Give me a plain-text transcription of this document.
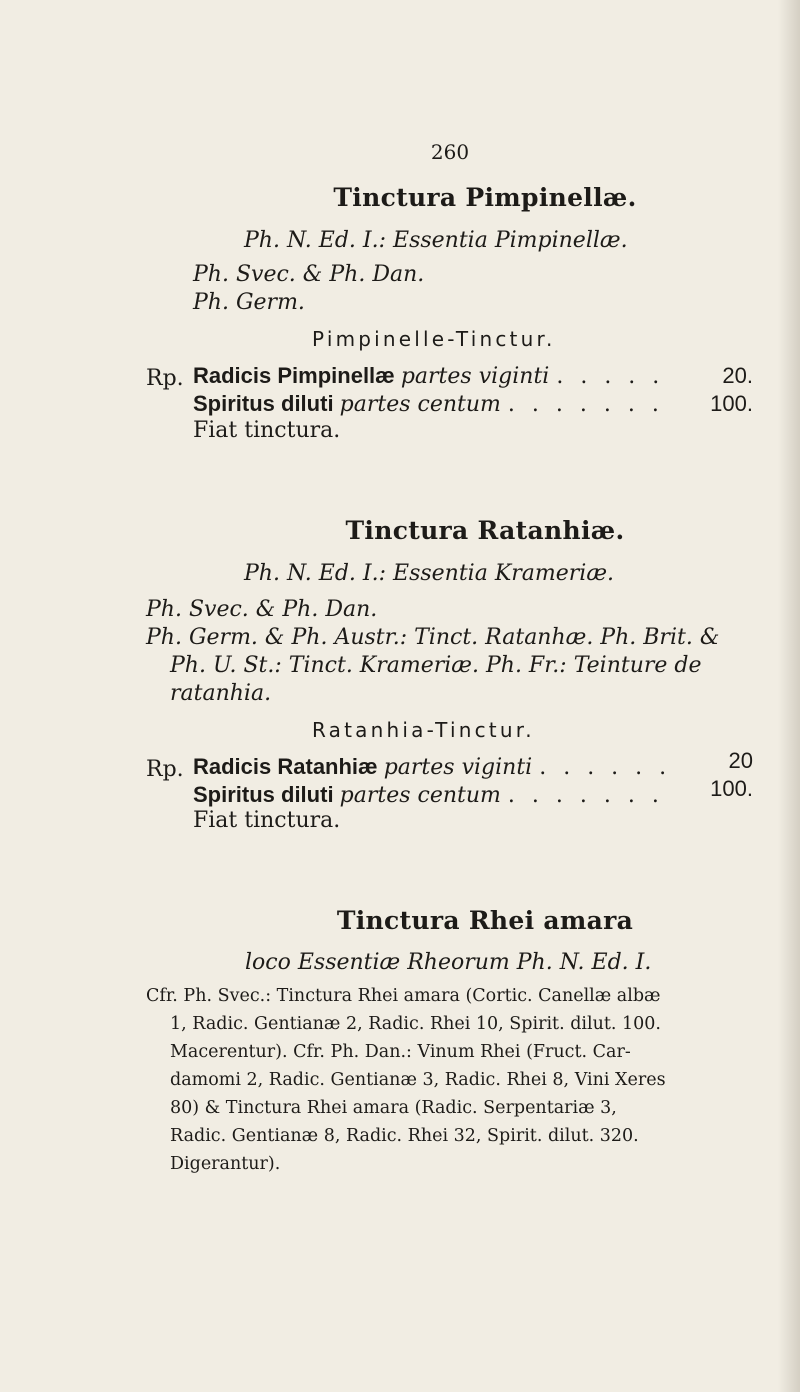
260
Tinctura Pimpinellæ.
Ph. N. Ed. I.: Essentia Pimpinellæ.
Ph. Svec. & Ph. Dan.
Ph. Germ.
Pimpinelle-Tinctur.
Rp. Radicis Pimpinellæ partes viginti . . . . .	20.
Spiritus diluti partes centum . . . . . . . 100.
Fiat tinctura.
Tinctura Ratanhiæ.
Ph. N. Ed. I.: Essentia Krameriæ.
Ph. Svec. & Ph. Dan.
Ph. Germ. & Ph. Austr.: Tinct. Ratanhæ. Ph. Brit. &
Ph. U. St.: Tinct. Krameriæ. Ph. Fr.: Teinture de
ratanhia.
Ratanhia-Tinctur.
Rp. Radicis Ratanhiæ partes viginti . . . . . .	20
Spiritus diluti partes centum . . . . . . . 100.
Fiat tinctura.
Tinctura Rhei amara
loco Essentiæ Rheorum Ph. N. Ed. I.
Cfr. Ph. Svec.: Tinctura Rhei amara (Cortic. Canellæ albæ
1, Radic. Gentianæ 2, Radic. Rhei 10, Spirit. dilut. 100.
Macerentur). Cfr. Ph. Dan.: Vinum Rhei (Fruct. Car-
damomi 2, Radic. Gentianæ 3, Radic. Rhei 8, Vini Xeres
80) & Tinctura Rhei amara (Radic. Serpentariæ 3,
Radic. Gentianæ 8, Radic. Rhei 32, Spirit. dilut. 320.
Digerantur).
